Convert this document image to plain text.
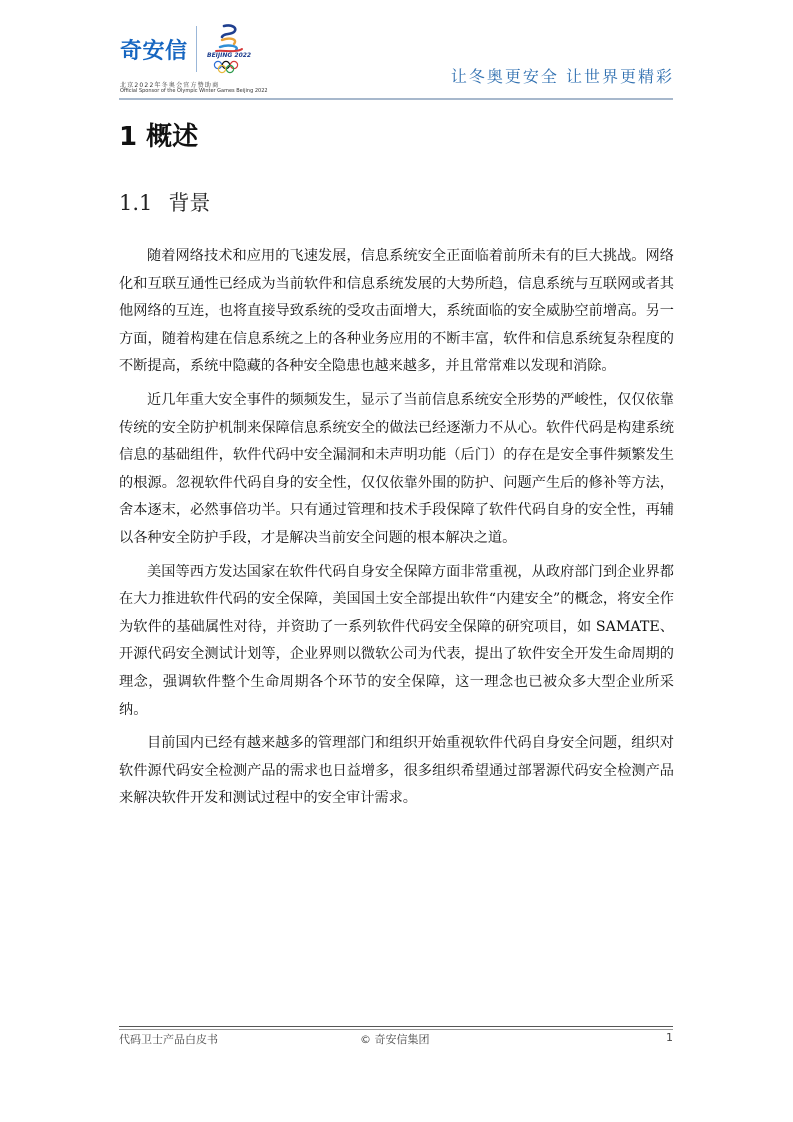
奇安信	BEIJING 2022
北京2022年冬奥会官方赞助商
Official Sponsor of the Olympic Winter Games Beijing 2022
让冬奥更安全 让世界更精彩
1 概述
1.1 背景

随着网络技术和应用的飞速发展，信息系统安全正面临着前所未有的巨大挑战。网络化和互联互通性已经成为当前软件和信息系统发展的大势所趋，信息系统与互联网或者其他网络的互连，也将直接导致系统的受攻击面增大，系统面临的安全威胁空前增高。另一方面，随着构建在信息系统之上的各种业务应用的不断丰富，软件和信息系统复杂程度的不断提高，系统中隐藏的各种安全隐患也越来越多，并且常常难以发现和消除。

近几年重大安全事件的频频发生，显示了当前信息系统安全形势的严峻性，仅仅依靠传统的安全防护机制来保障信息系统安全的做法已经逐渐力不从心。软件代码是构建系统信息的基础组件，软件代码中安全漏洞和未声明功能（后门）的存在是安全事件频繁发生的根源。忽视软件代码自身的安全性，仅仅依靠外围的防护、问题产生后的修补等方法，舍本逐末，必然事倍功半。只有通过管理和技术手段保障了软件代码自身的安全性，再辅以各种安全防护手段，才是解决当前安全问题的根本解决之道。

美国等西方发达国家在软件代码自身安全保障方面非常重视，从政府部门到企业界都在大力推进软件代码的安全保障，美国国土安全部提出软件“内建安全”的概念，将安全作为软件的基础属性对待，并资助了一系列软件代码安全保障的研究项目，如 SAMATE、开源代码安全测试计划等，企业界则以微软公司为代表，提出了软件安全开发生命周期的理念，强调软件整个生命周期各个环节的安全保障，这一理念也已被众多大型企业所采纳。

目前国内已经有越来越多的管理部门和组织开始重视软件代码自身安全问题，组织对软件源代码安全检测产品的需求也日益增多，很多组织希望通过部署源代码安全检测产品来解决软件开发和测试过程中的安全审计需求。

代码卫士产品白皮书	© 奇安信集团	1
